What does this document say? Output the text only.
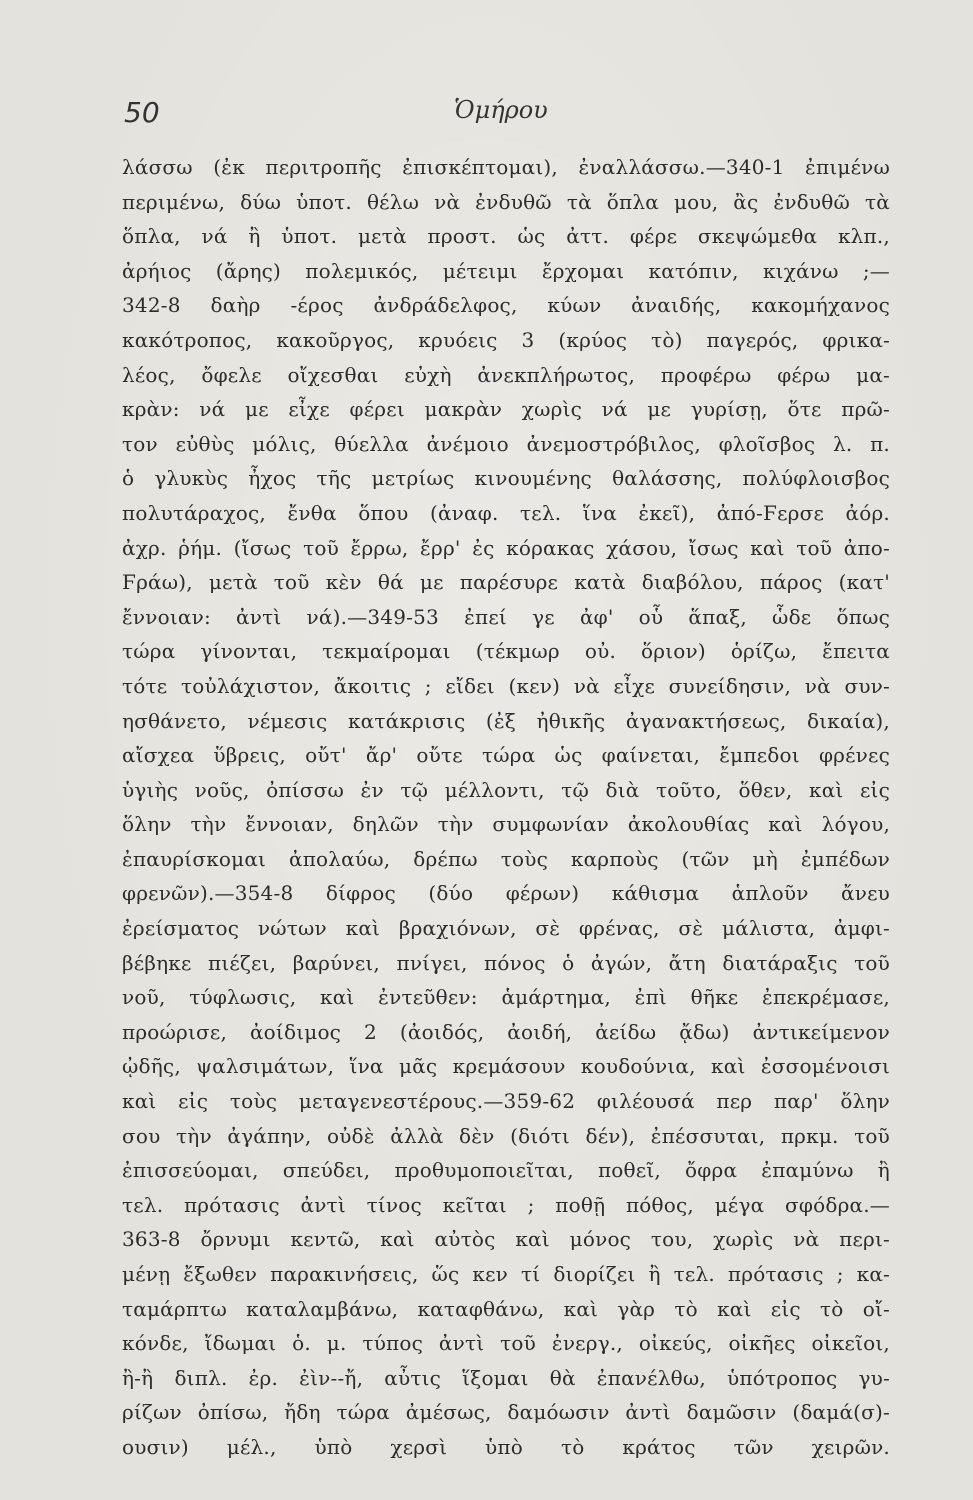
50	Ὁμήρου
λάσσω (ἐκ περιτροπῆς ἐπισκέπτομαι), ἐναλλάσσω.—340-1 ἐπιμένω
περιμένω, δύω ὑποτ. θέλω νὰ ἐνδυθῶ τὰ ὅπλα μου, ἂς ἐνδυθῶ τὰ
ὅπλα, νά ἢ ὑποτ. μετὰ προστ. ὡς ἀττ. φέρε σκεψώμεθα κλπ.,
ἀρήιος (ἄρης) πολεμικός, μέτειμι ἔρχομαι κατόπιν, κιχάνω ;—
342-8 δαὴρ -έρος ἀνδράδελφος, κύων ἀναιδής, κακομήχανος
κακότροπος, κακοῦργος, κρυόεις 3 (κρύος τὸ) παγερός, φρικα-
λέος, ὄφελε οἴχεσθαι εὐχὴ ἀνεκπλήρωτος, προφέρω φέρω μα-
κρὰν: νά με εἶχε φέρει μακρὰν χωρὶς νά με γυρίσῃ, ὅτε πρῶ-
τον εὐθὺς μόλις, θύελλα ἀνέμοιο ἀνεμοστρόβιλος, φλοῖσβος λ. π.
ὁ γλυκὺς ἦχος τῆς μετρίως κινουμένης θαλάσσης, πολύφλοισβος
πολυτάραχος, ἔνθα ὅπου (ἀναφ. τελ. ἵνα ἐκεῖ), ἀπό-Ϝερσε ἀόρ.
ἀχρ. ῥήμ. (ἴσως τοῦ ἔρρω, ἔρρ' ἐς κόρακας χάσου, ἴσως καὶ τοῦ ἀπο-
Ϝράω), μετὰ τοῦ κὲν θά με παρέσυρε κατὰ διαβόλου, πάρος (κατ'
ἔννοιαν: ἀντὶ νά).—349-53 ἐπεί γε ἀφ' οὗ ἅπαξ, ὧδε ὅπως
τώρα γίνονται, τεκμαίρομαι (τέκμωρ οὐ. ὅριον) ὁρίζω, ἔπειτα
τότε τοὐλάχιστον, ἄκοιτις ; εἴδει (κεν) νὰ εἶχε συνείδησιν, νὰ συν-
ησθάνετο, νέμεσις κατάκρισις (ἐξ ἠθικῆς ἀγανακτήσεως, δικαία),
αἴσχεα ὕβρεις, οὔτ' ἄρ' οὔτε τώρα ὡς φαίνεται, ἔμπεδοι φρένες
ὑγιὴς νοῦς, ὀπίσσω ἐν τῷ μέλλοντι, τῷ διὰ τοῦτο, ὅθεν, καὶ εἰς
ὅλην τὴν ἔννοιαν, δηλῶν τὴν συμφωνίαν ἀκολουθίας καὶ λόγου,
ἐπαυρίσκομαι ἀπολαύω, δρέπω τοὺς καρποὺς (τῶν μὴ ἐμπέδων
φρενῶν).—354-8 δίφρος (δύο φέρων) κάθισμα ἁπλοῦν ἄνευ
ἐρείσματος νώτων καὶ βραχιόνων, σὲ φρένας, σὲ μάλιστα, ἀμφι-
βέβηκε πιέζει, βαρύνει, πνίγει, πόνος ὁ ἀγών, ἄτη διατάραξις τοῦ
νοῦ, τύφλωσις, καὶ ἐντεῦθεν: ἁμάρτημα, ἐπὶ θῆκε ἐπεκρέμασε,
προώρισε, ἀοίδιμος 2 (ἀοιδός, ἀοιδή, ἀείδω ᾄδω) ἀντικείμενον
ᾠδῆς, ψαλσιμάτων, ἵνα μᾶς κρεμάσουν κουδούνια, καὶ ἐσσομένοισι
καὶ εἰς τοὺς μεταγενεστέρους.—359-62 φιλέουσά περ παρ' ὅλην
σου τὴν ἀγάπην, οὐδὲ ἀλλὰ δὲν (διότι δέν), ἐπέσσυται, πρκμ. τοῦ
ἐπισσεύομαι, σπεύδει, προθυμοποιεῖται, ποθεῖ, ὄφρα ἐπαμύνω ἢ
τελ. πρότασις ἀντὶ τίνος κεῖται ; ποθῇ πόθος, μέγα σφόδρα.—
363-8 ὄρνυμι κεντῶ, καὶ αὐτὸς καὶ μόνος του, χωρὶς νὰ περι-
μένῃ ἔξωθεν παρακινήσεις, ὥς κεν τί διορίζει ἢ τελ. πρότασις ; κα-
ταμάρπτω καταλαμβάνω, καταφθάνω, καὶ γὰρ τὸ καὶ εἰς τὸ οἴ-
κόνδε, ἴδωμαι ὁ. μ. τύπος ἀντὶ τοῦ ἐνεργ., οἰκεύς, οἰκῆες οἰκεῖοι,
ἢ-ἢ διπλ. ἐρ. ἐὶν--ἤ, αὖτις ἵξομαι θὰ ἐπανέλθω, ὑπότροπος γυ-
ρίζων ὀπίσω, ἤδη τώρα ἀμέσως, δαμόωσιν ἀντὶ δαμῶσιν (δαμά(σ)-
ουσιν) μέλ., ὑπὸ χερσὶ ὑπὸ τὸ κράτος τῶν χειρῶν.
